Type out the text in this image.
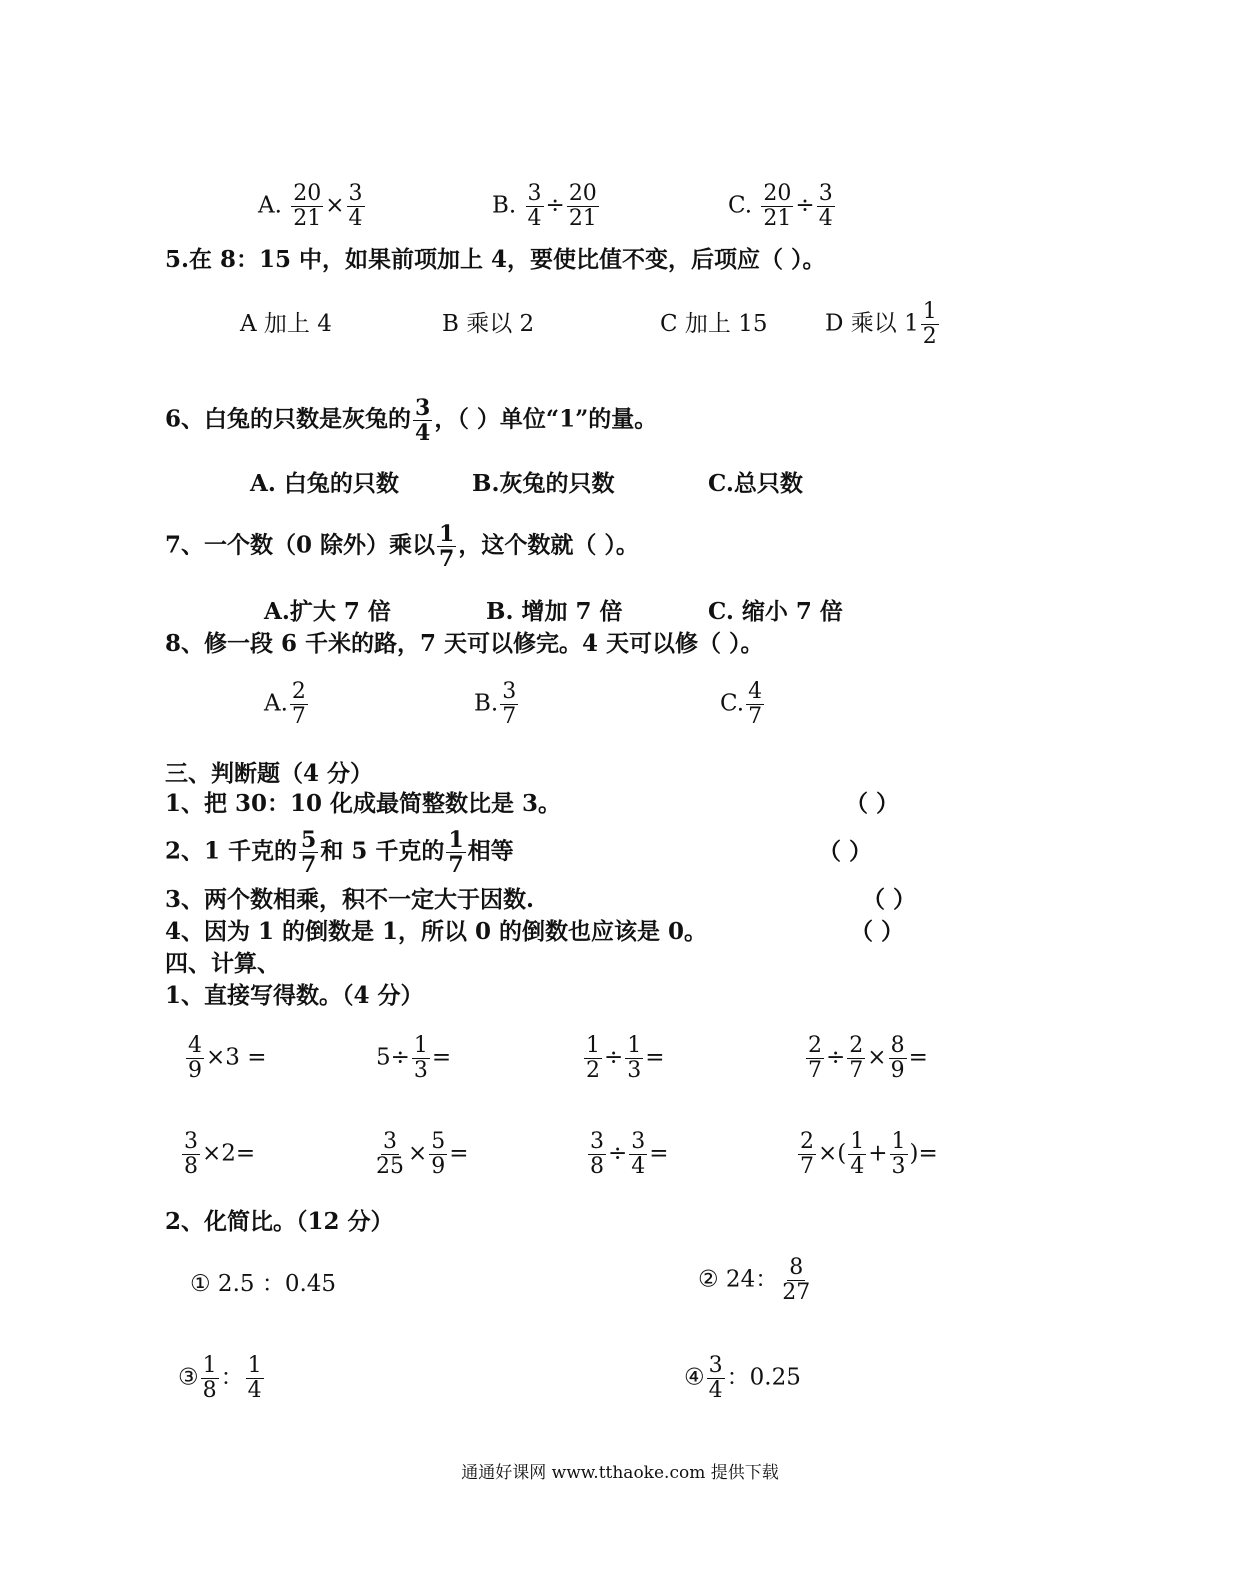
A. $\frac{20}{21} \times \frac{3}{4}$	B. $\frac{3}{4} \div \frac{20}{21}$	C. $\frac{20}{21} \div \frac{3}{4}$
5.在 8：15 中，如果前项加上 4，要使比值不变，后项应（ ）。
A 加上 4	B 乘以 2	C 加上 15	D 乘以 $1 \frac{1}{2}$
6、白兔的只数是灰兔的 $\frac{3}{4}$ ，（ ）单位“1”的量。
A. 白兔的只数	B.灰兔的只数	C.总只数
7、一个数（0 除外）乘以 $\frac{1}{7}$ ，这个数就（ ）。
A.扩大 7 倍	B. 增加 7 倍	C. 缩小 7 倍
8、修一段 6 千米的路，7 天可以修完。4 天可以修（ ）。
A. $\frac{2}{7}$	B. $\frac{3}{7}$	C. $\frac{4}{7}$
三、判断题（4 分）
1、把 30：10 化成最简整数比是 3。	（ ）
2、1 千克的 $\frac{5}{7}$ 和 5 千克的 $\frac{1}{7}$ 相等	（ ）
3、两个数相乘，积不一定大于因数.	（ ）
4、因为 1 的倒数是 1，所以 0 的倒数也应该是 0。	（ ）
四、计算、
1、直接写得数。（4 分）
$\frac{4}{9} \times 3$ =	$5\div \frac{1}{3}$ =	$\frac{1}{2} \div \frac{1}{3}$ =	$\frac{2}{7} \div \frac{2}{7} \times \frac{8}{9}$ =
$\frac{3}{8} \times 2=$	$\frac{3}{25} \times \frac{5}{9}$ =	$\frac{3}{8} \div \frac{3}{4}$ =	$\frac{2}{7}$ ×( $\frac{1}{4} + \frac{1}{3}$ )=
2、化简比。（12 分）
① 2.5 ：0.45	② 24： $\frac{8}{27}$
③ $\frac{1}{8}$ ： $\frac{1}{4}$	④ $\frac{3}{4}$ ：0.25
通通好课网 www.tthaoke.com 提供下载
